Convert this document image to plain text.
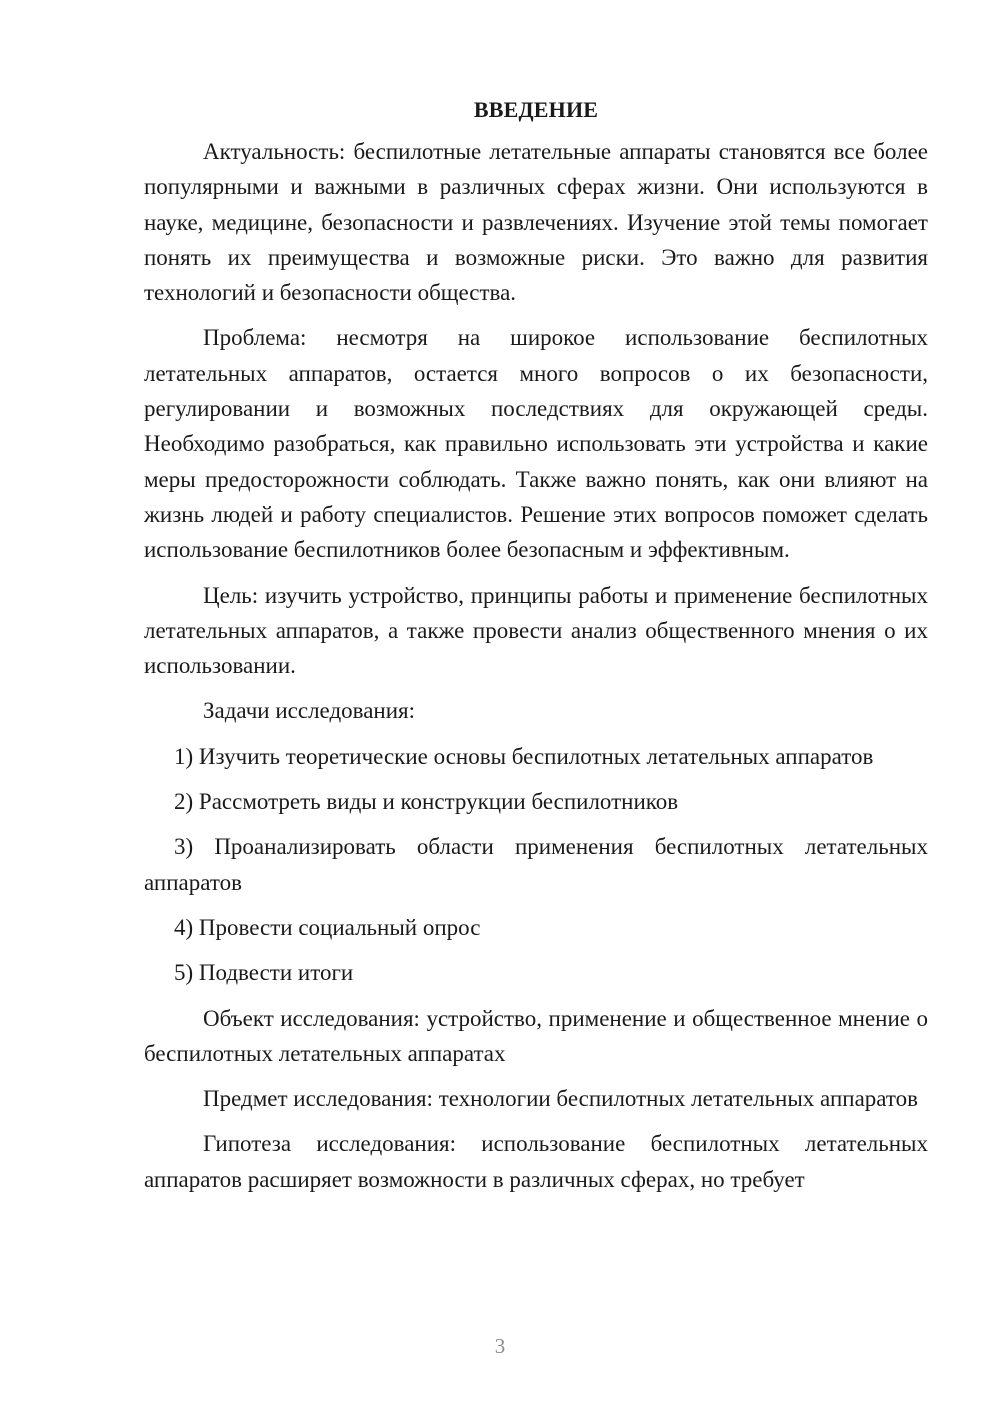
ВВЕДЕНИЕ

Актуальность: беспилотные летательные аппараты становятся все более популярными и важными в различных сферах жизни. Они используются в науке, медицине, безопасности и развлечениях. Изучение этой темы помогает понять их преимущества и возможные риски. Это важно для развития технологий и безопасности общества.

Проблема: несмотря на широкое использование беспилотных летательных аппаратов, остается много вопросов о их безопасности, регулировании и возможных последствиях для окружающей среды. Необходимо разобраться, как правильно использовать эти устройства и какие меры предосторожности соблюдать. Также важно понять, как они влияют на жизнь людей и работу специалистов. Решение этих вопросов поможет сделать использование беспилотников более безопасным и эффективным.

Цель: изучить устройство, принципы работы и применение беспилотных летательных аппаратов, а также провести анализ общественного мнения о их использовании.

Задачи исследования:

1) Изучить теоретические основы беспилотных летательных аппаратов

2) Рассмотреть виды и конструкции беспилотников

3) Проанализировать области применения беспилотных летательных аппаратов

4) Провести социальный опрос

5) Подвести итоги

Объект исследования: устройство, применение и общественное мнение о беспилотных летательных аппаратах

Предмет исследования: технологии беспилотных летательных аппаратов

Гипотеза исследования: использование беспилотных летательных аппаратов расширяет возможности в различных сферах, но требует

3
